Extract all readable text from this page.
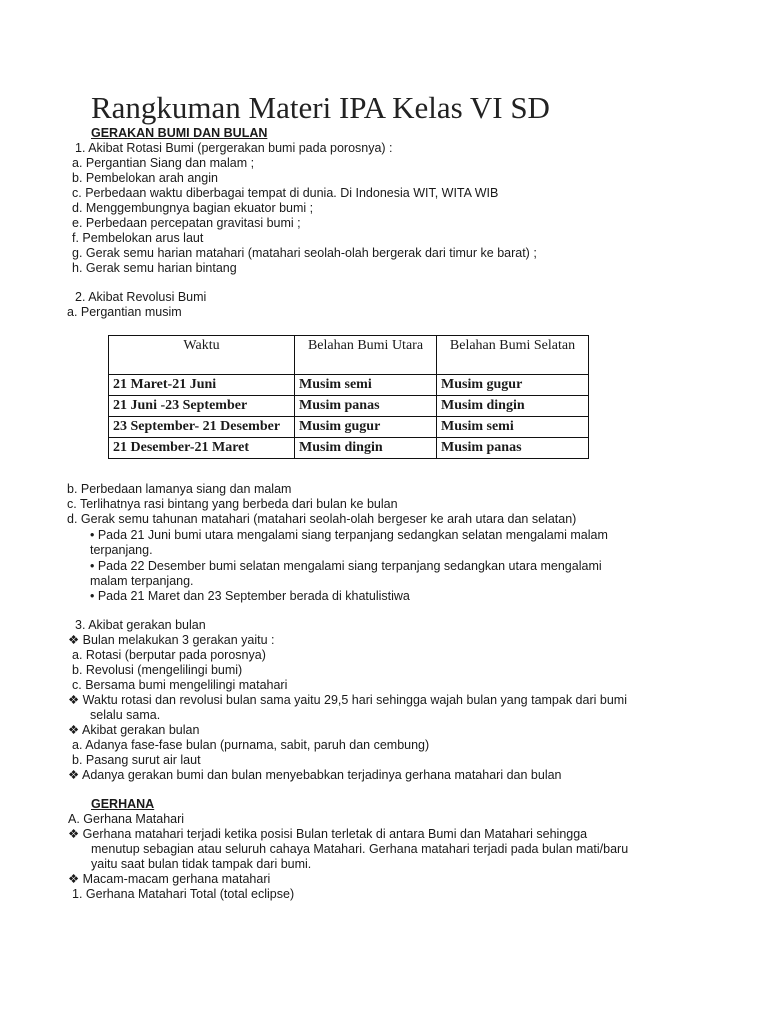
Rangkuman Materi IPA Kelas VI SD
GERAKAN BUMI DAN BULAN
1. Akibat Rotasi Bumi (pergerakan bumi pada porosnya) :
a. Pergantian Siang dan malam ;
b. Pembelokan arah angin
c. Perbedaan waktu diberbagai tempat di dunia. Di Indonesia WIT, WITA WIB
d. Menggembungnya bagian ekuator bumi ;
e. Perbedaan percepatan gravitasi bumi ;
f. Pembelokan arus laut
g. Gerak semu harian matahari (matahari seolah-olah bergerak dari timur ke barat) ;
h. Gerak semu harian bintang
2. Akibat Revolusi Bumi
a. Pergantian musim
Waktu	Belahan Bumi Utara	Belahan Bumi Selatan
21 Maret-21 Juni	Musim semi	Musim gugur
21 Juni -23 September	Musim panas	Musim dingin
23 September- 21 Desember	Musim gugur	Musim semi
21 Desember-21 Maret	Musim dingin	Musim panas
b. Perbedaan lamanya siang dan malam
c. Terlihatnya rasi bintang yang berbeda dari bulan ke bulan
d. Gerak semu tahunan matahari (matahari seolah-olah bergeser ke arah utara dan selatan)
• Pada 21 Juni bumi utara mengalami siang terpanjang sedangkan selatan mengalami malam
terpanjang.
• Pada 22 Desember bumi selatan mengalami siang terpanjang sedangkan utara mengalami
malam terpanjang.
• Pada 21 Maret dan 23 September berada di khatulistiwa
3. Akibat gerakan bulan
❖ Bulan melakukan 3 gerakan yaitu :
a. Rotasi (berputar pada porosnya)
b. Revolusi (mengelilingi bumi)
c. Bersama bumi mengelilingi matahari
❖ Waktu rotasi dan revolusi bulan sama yaitu 29,5 hari sehingga wajah bulan yang tampak dari bumi
selalu sama.
❖ Akibat gerakan bulan
a. Adanya fase-fase bulan (purnama, sabit, paruh dan cembung)
b. Pasang surut air laut
❖ Adanya gerakan bumi dan bulan menyebabkan terjadinya gerhana matahari dan bulan
GERHANA
A. Gerhana Matahari
❖ Gerhana matahari terjadi ketika posisi Bulan terletak di antara Bumi dan Matahari sehingga
menutup sebagian atau seluruh cahaya Matahari. Gerhana matahari terjadi pada bulan mati/baru
yaitu saat bulan tidak tampak dari bumi.
❖ Macam-macam gerhana matahari
1. Gerhana Matahari Total (total eclipse)
